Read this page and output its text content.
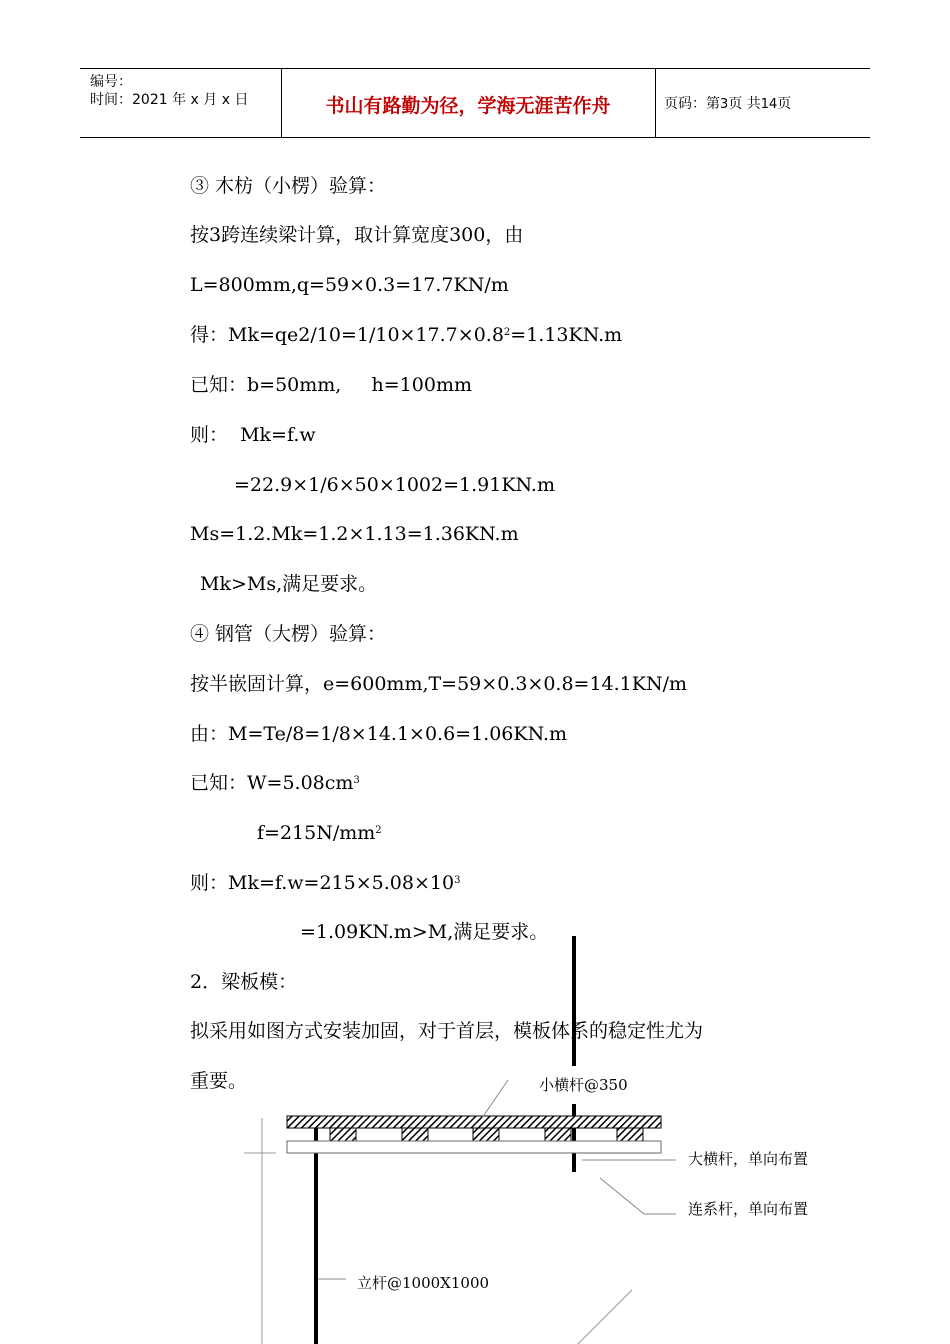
编号：
时间：2021 年 x 月 x 日	书山有路勤为径，学海无涯苦作舟	页码：第3页 共14页
③ 木枋（小楞）验算：
按3跨连续梁计算，取计算宽度300，由
L=800mm,q=59×0.3=17.7KN/m
得：$Mk=qe2/10=1/10\times 17.7\times 0.8^2=1.13KN.m$
已知：b=50mm,     h=100mm
则：  Mk=f.w
=22.9×1/6×50×1002=1.91KN.m
Ms=1.2.Mk=1.2×1.13=1.36KN.m
Mk>Ms,满足要求。
④ 钢管（大楞）验算：
按半嵌固计算，e=600mm,T=59×0.3×0.8=14.1KN/m
由：M=Te/8=1/8×14.1×0.6=1.06KN.m
已知：$W=5.08cm^3$
$f=215N/mm^2$
则：$Mk=f.w=215\times 5.08\times 10^3$
=1.09KN.m>M,满足要求。
2．梁板模：
拟采用如图方式安装加固，对于首层，模板体系的稳定性尤为
重要。	小横杆@350
大横杆，单向布置
连系杆，单向布置
立杆@1000X1000
